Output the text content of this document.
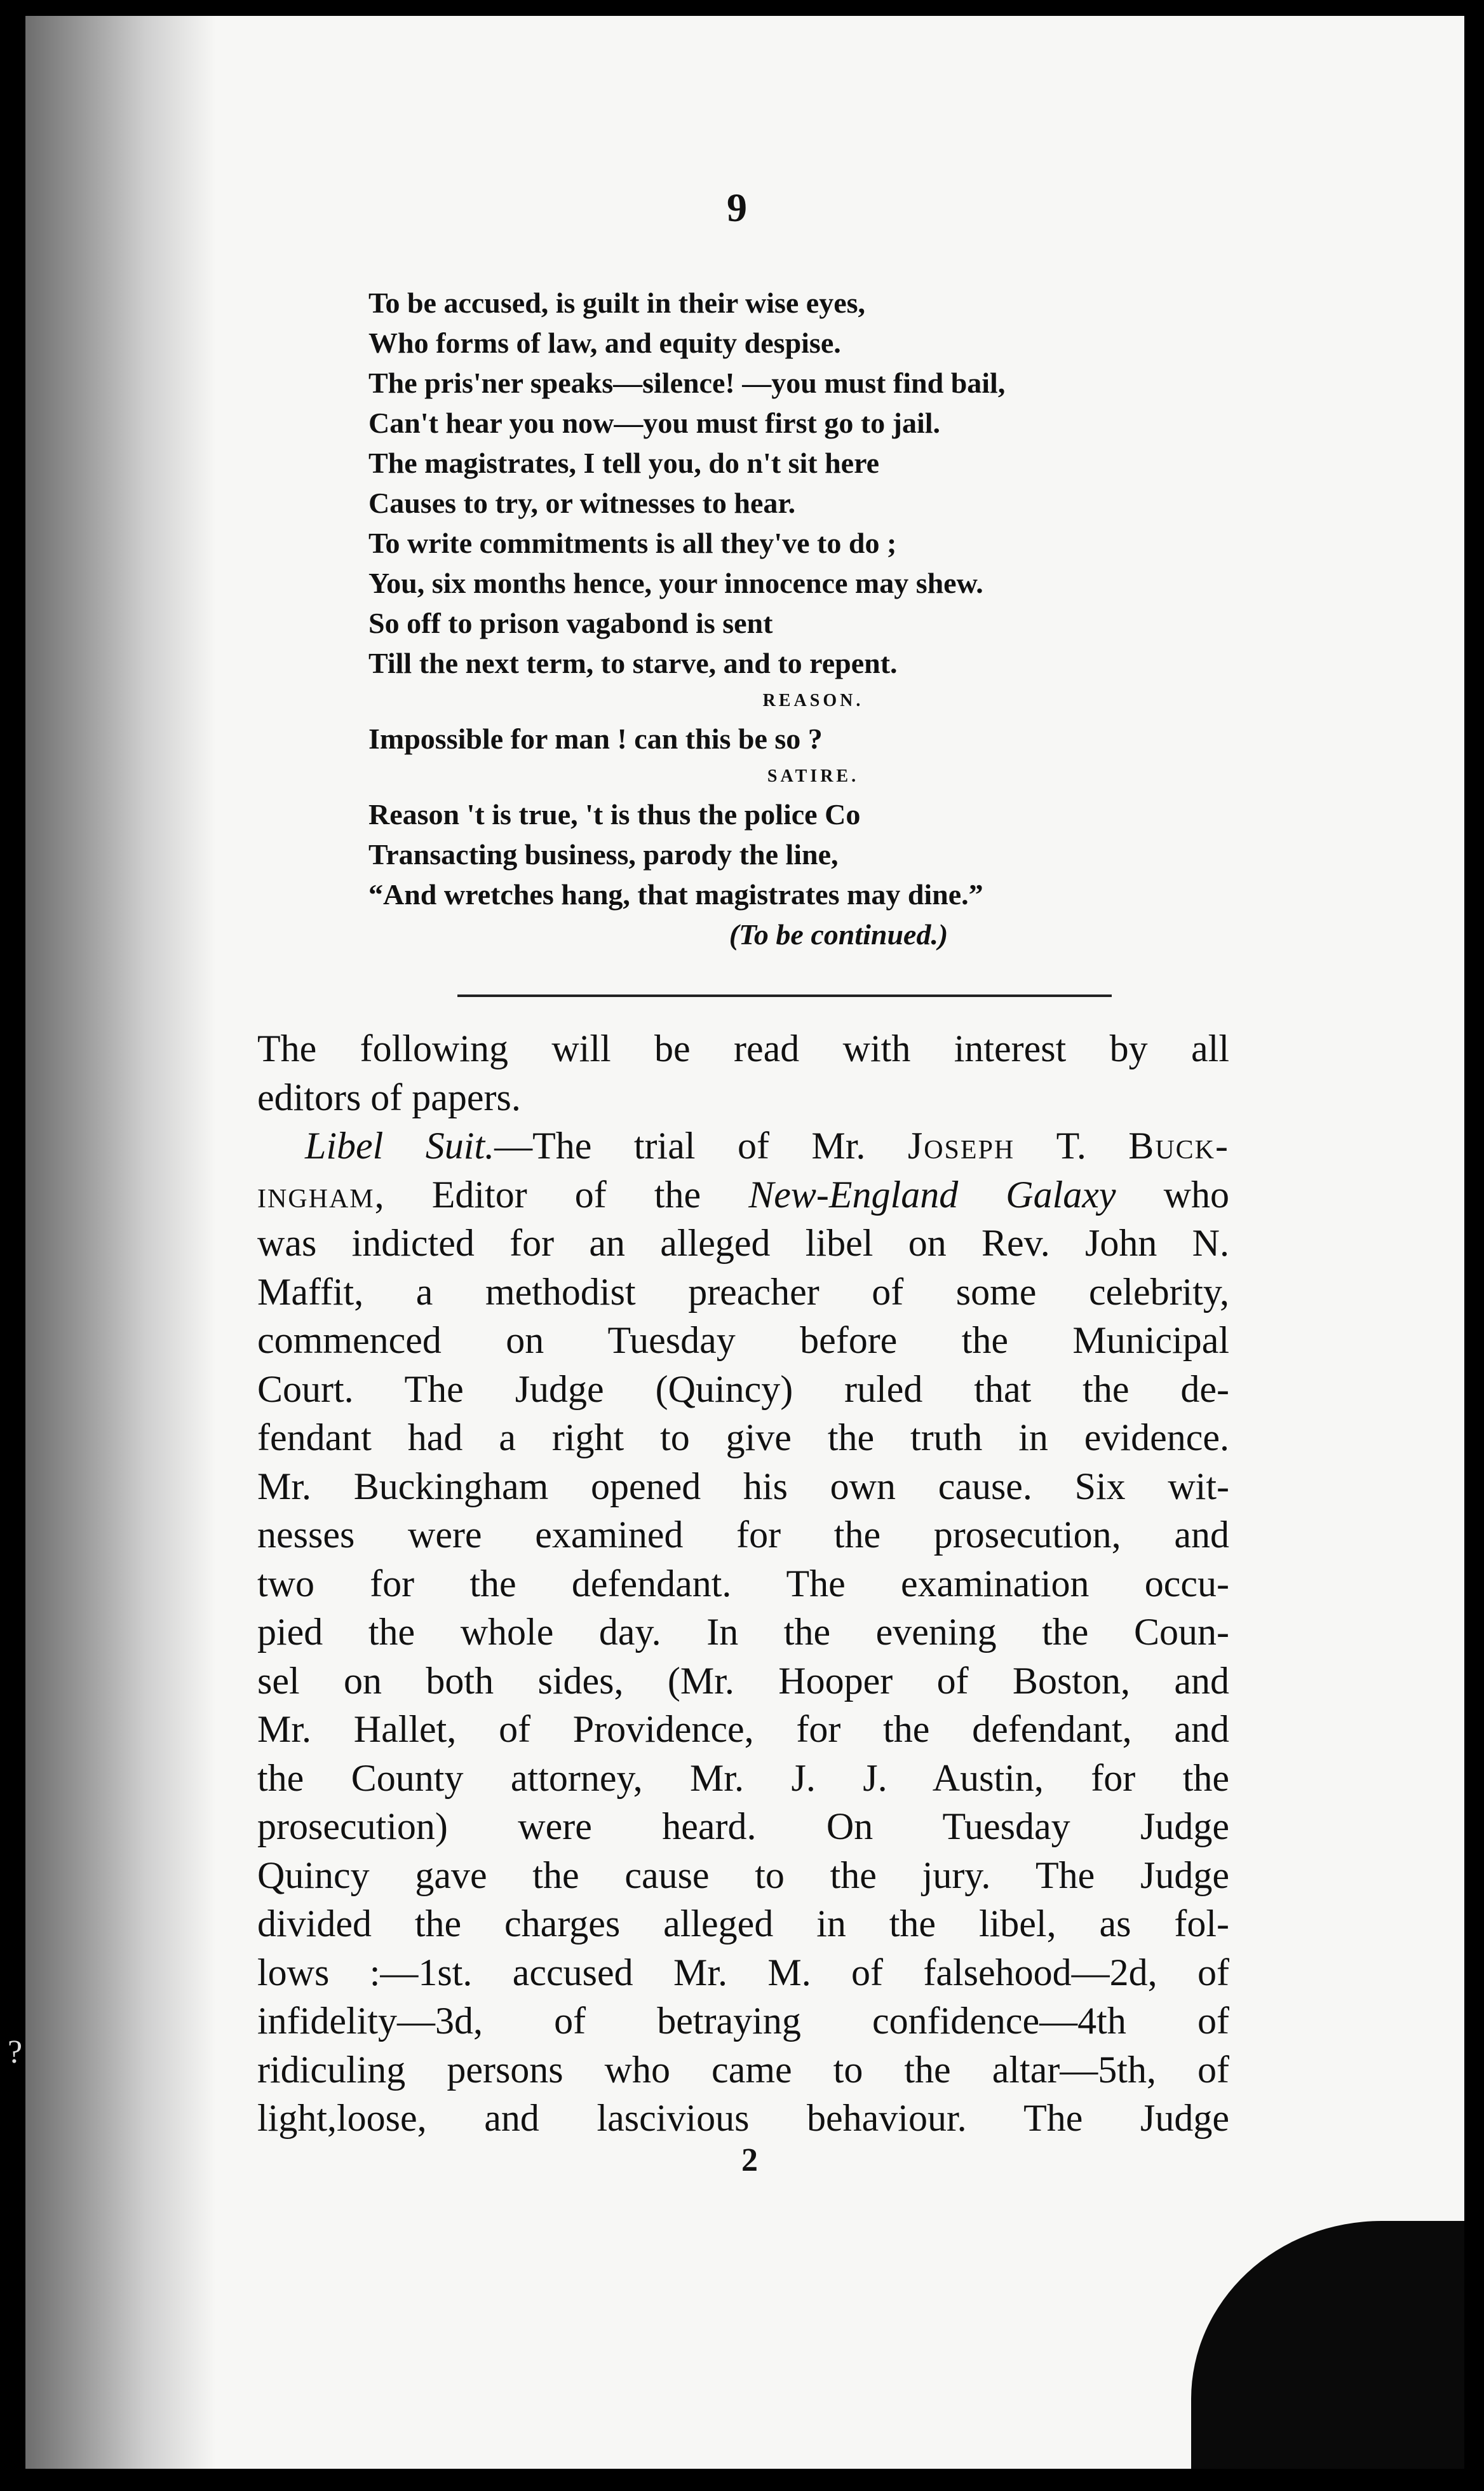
9
To be accused, is guilt in their wise eyes,
Who forms of law, and equity despise.
The pris'ner speaks—silence! —you must find bail,
Can't hear you now—you must first go to jail.
The magistrates, I tell you, do n't sit here
Causes to try, or witnesses to hear.
To write commitments is all they've to do ;
You, six months hence, your innocence may shew.
So off to prison vagabond is sent
Till the next term, to starve, and to repent.
REASON.
Impossible for man ! can this be so ?
SATIRE.
Reason 't is true, 't is thus the police Co
Transacting business, parody the line,
“And wretches hang, that magistrates may dine.”
(To be continued.)
The following will be read with interest by all
editors of papers.
Libel Suit.—The trial of Mr. Joseph T. Buck-
ingham, Editor of the New-England Galaxy who
was indicted for an alleged libel on Rev. John N.
Maffit, a methodist preacher of some celebrity,
commenced on Tuesday before the Municipal
Court. The Judge (Quincy) ruled that the de-
fendant had a right to give the truth in evidence.
Mr. Buckingham opened his own cause. Six wit-
nesses were examined for the prosecution, and
two for the defendant. The examination occu-
pied the whole day. In the evening the Coun-
sel on both sides, (Mr. Hooper of Boston, and
Mr. Hallet, of Providence, for the defendant, and
the County attorney, Mr. J. J. Austin, for the
prosecution) were heard. On Tuesday Judge
Quincy gave the cause to the jury. The Judge
divided the charges alleged in the libel, as fol-
lows :—1st. accused Mr. M. of falsehood—2d, of
infidelity—3d, of betraying confidence—4th of
ridiculing persons who came to the altar—5th, of
light,loose, and lascivious behaviour. The Judge
2
?
